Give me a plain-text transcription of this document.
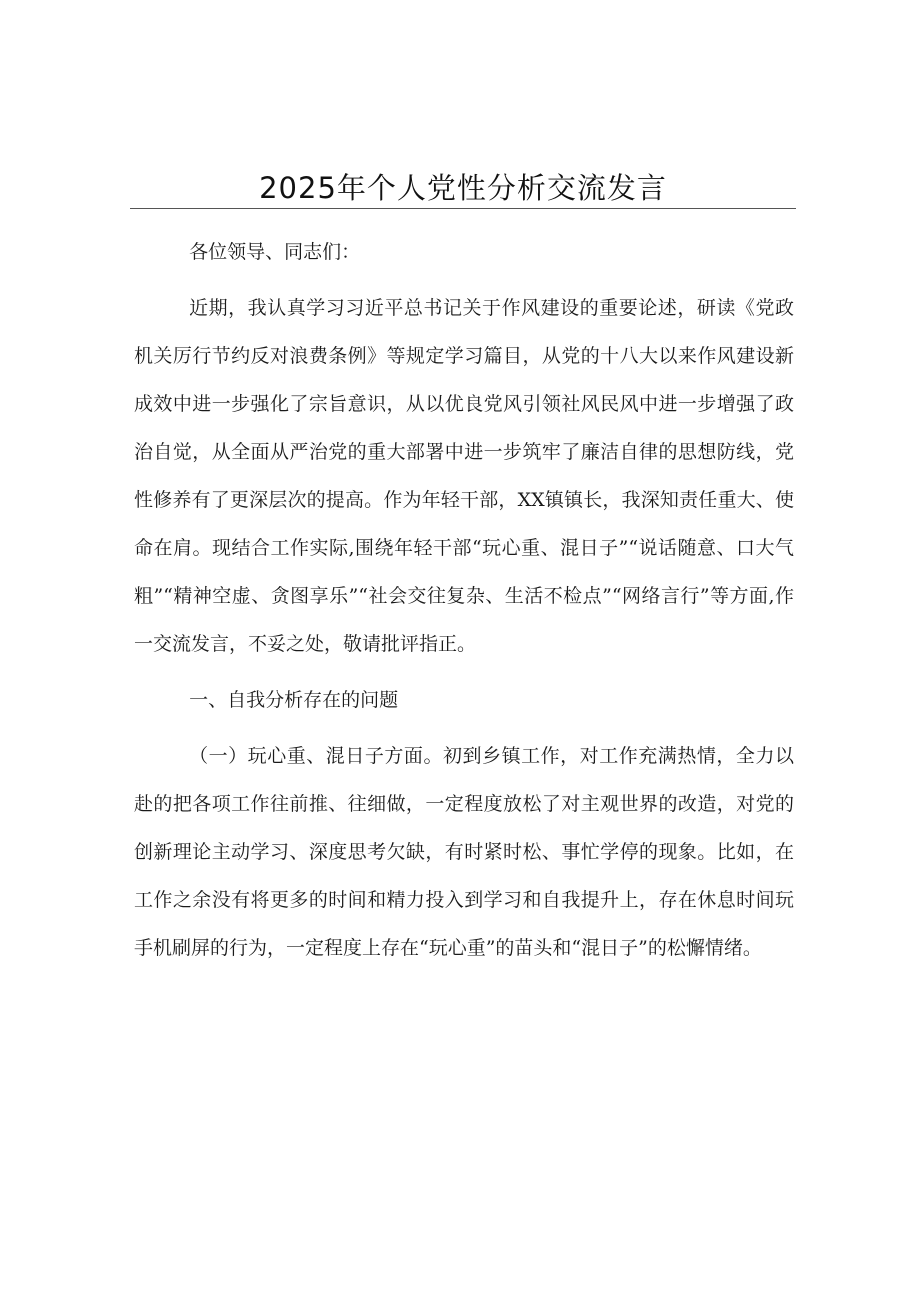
2025年个人党性分析交流发言

各位领导、同志们：

近期，我认真学习习近平总书记关于作风建设的重要论述，研读《党政机关厉行节约反对浪费条例》等规定学习篇目，从党的十八大以来作风建设新成效中进一步强化了宗旨意识，从以优良党风引领社风民风中进一步增强了政治自觉，从全面从严治党的重大部署中进一步筑牢了廉洁自律的思想防线，党性修养有了更深层次的提高。作为年轻干部，XX镇镇长，我深知责任重大、使命在肩。现结合工作实际,围绕年轻干部“玩心重、混日子”“说话随意、口大气粗”“精神空虚、贪图享乐”“社会交往复杂、生活不检点”“网络言行”等方面,作一交流发言，不妥之处，敬请批评指正。

一、自我分析存在的问题

（一）玩心重、混日子方面。初到乡镇工作，对工作充满热情，全力以赴的把各项工作往前推、往细做，一定程度放松了对主观世界的改造，对党的创新理论主动学习、深度思考欠缺，有时紧时松、事忙学停的现象。比如，在工作之余没有将更多的时间和精力投入到学习和自我提升上，存在休息时间玩手机刷屏的行为，一定程度上存在“玩心重”的苗头和“混日子”的松懈情绪。
